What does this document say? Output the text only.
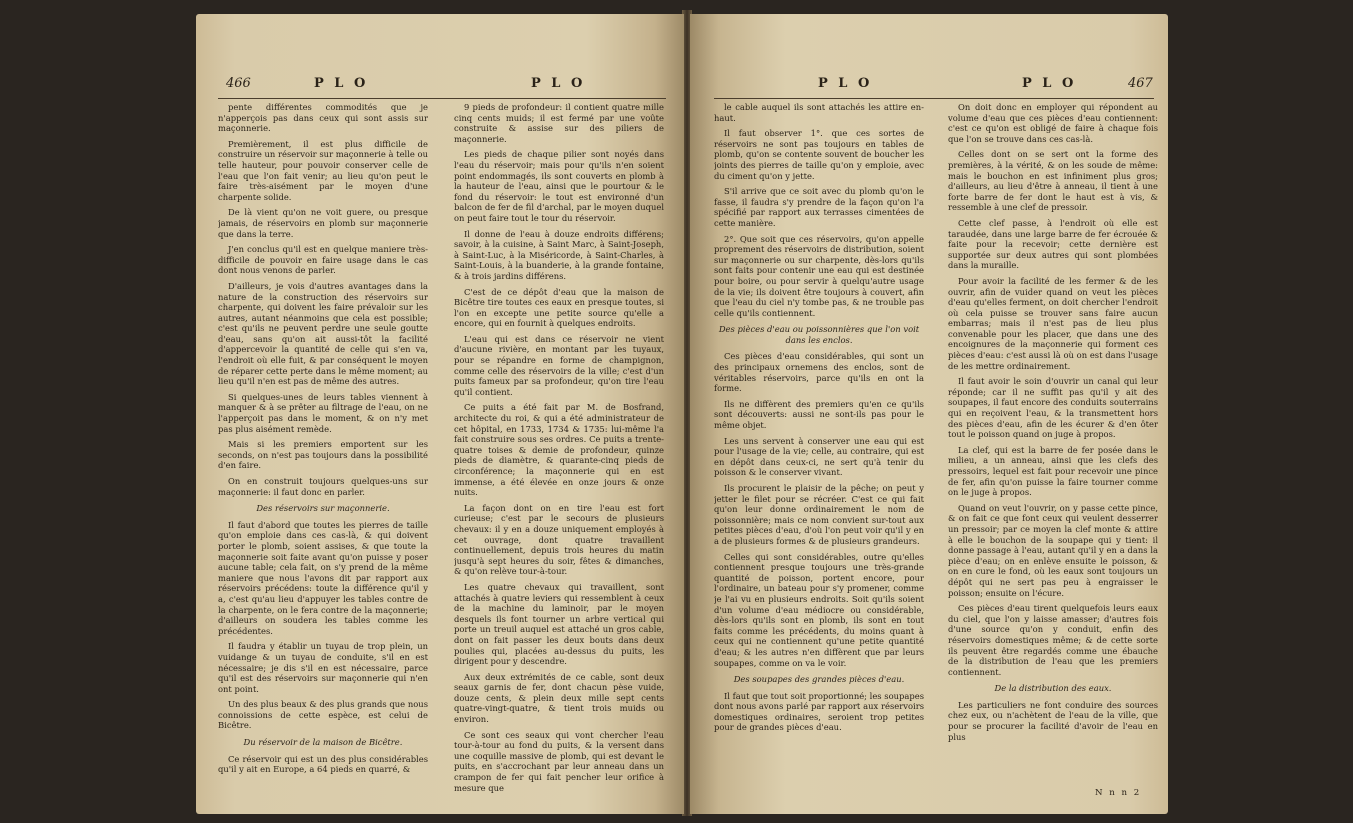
466	P L O	P L O

pente différentes commodités que je n'apperçois pas dans ceux qui sont assis sur maçonnerie.

Premièrement, il est plus difficile de construire un réservoir sur maçonnerie à telle ou telle hauteur, pour pouvoir conserver celle de l'eau que l'on fait venir; au lieu qu'on peut le faire très-aisément par le moyen d'une charpente solide.

De là vient qu'on ne voit guere, ou presque jamais, de réservoirs en plomb sur maçonnerie que dans la terre.

J'en conclus qu'il est en quelque maniere très-difficile de pouvoir en faire usage dans le cas dont nous venons de parler.

D'ailleurs, je vois d'autres avantages dans la nature de la construction des réservoirs sur charpente, qui doivent les faire prévaloir sur les autres, autant néanmoins que cela est possible; c'est qu'ils ne peuvent perdre une seule goutte d'eau, sans qu'on ait aussi-tôt la facilité d'appercevoir la quantité de celle qui s'en va, l'endroit où elle fuit, & par conséquent le moyen de réparer cette perte dans le même moment; au lieu qu'il n'en est pas de même des autres.

Si quelques-unes de leurs tables viennent à manquer & à se prêter au filtrage de l'eau, on ne l'apperçoit pas dans le moment, & on n'y met pas plus aisément remède.

Mais si les premiers emportent sur les seconds, on n'est pas toujours dans la possibilité d'en faire.

On en construit toujours quelques-uns sur maçonnerie: il faut donc en parler.

Des réservoirs sur maçonnerie.

Il faut d'abord que toutes les pierres de taille qu'on emploie dans ces cas-là, & qui doivent porter le plomb, soient assises, & que toute la maçonnerie soit faite avant qu'on puisse y poser aucune table; cela fait, on s'y prend de la même maniere que nous l'avons dit par rapport aux réservoirs précédens: toute la différence qu'il y a, c'est qu'au lieu d'appuyer les tables contre de la charpente, on le fera contre de la maçonnerie; d'ailleurs on soudera les tables comme les précédentes.

Il faudra y établir un tuyau de trop plein, un vuidange & un tuyau de conduite, s'il en est nécessaire; je dis s'il en est nécessaire, parce qu'il est des réservoirs sur maçonnerie qui n'en ont point.

Un des plus beaux & des plus grands que nous connoissions de cette espèce, est celui de Bicêtre.

Du réservoir de la maison de Bicêtre.

Ce réservoir qui est un des plus considérables qu'il y ait en Europe, a 64 pieds en quarré, &

9 pieds de profondeur: il contient quatre mille cinq cents muids; il est fermé par une voûte construite & assise sur des piliers de maçonnerie.

Les pieds de chaque pilier sont noyés dans l'eau du réservoir; mais pour qu'ils n'en soient point endommagés, ils sont couverts en plomb à la hauteur de l'eau, ainsi que le pourtour & le fond du réservoir: le tout est environné d'un balcon de fer de fil d'archal, par le moyen duquel on peut faire tout le tour du réservoir.

Il donne de l'eau à douze endroits différens; savoir, à la cuisine, à Saint Marc, à Saint-Joseph, à Saint-Luc, à la Miséricorde, à Saint-Charles, à Saint-Louis, à la buanderie, à la grande fontaine, & à trois jardins différens.

C'est de ce dépôt d'eau que la maison de Bicêtre tire toutes ces eaux en presque toutes, si l'on en excepte une petite source qu'elle a encore, qui en fournit à quelques endroits.

L'eau qui est dans ce réservoir ne vient d'aucune rivière, en montant par les tuyaux, pour se répandre en forme de champignon, comme celle des réservoirs de la ville; c'est d'un puits fameux par sa profondeur, qu'on tire l'eau qu'il contient.

Ce puits a été fait par M. de Bosfrand, architecte du roi, & qui a été administrateur de cet hôpital, en 1733, 1734 & 1735: lui-même l'a fait construire sous ses ordres. Ce puits a trente-quatre toises & demie de profondeur, quinze pieds de diamètre, & quarante-cinq pieds de circonférence; la maçonnerie qui en est immense, a été élevée en onze jours & onze nuits.

La façon dont on en tire l'eau est fort curieuse; c'est par le secours de plusieurs chevaux: il y en a douze uniquement employés à cet ouvrage, dont quatre travaillent continuellement, depuis trois heures du matin jusqu'à sept heures du soir, fêtes & dimanches, & qu'on relève tour-à-tour.

Les quatre chevaux qui travaillent, sont attachés à quatre leviers qui ressemblent à ceux de la machine du laminoir, par le moyen desquels ils font tourner un arbre vertical qui porte un treuil auquel est attaché un gros cable, dont on fait passer les deux bouts dans deux poulies qui, placées au-dessus du puits, les dirigent pour y descendre.

Aux deux extrémités de ce cable, sont deux seaux garnis de fer, dont chacun pèse vuide, douze cents, & plein deux mille sept cents quatre-vingt-quatre, & tient trois muids ou environ.

Ce sont ces seaux qui vont chercher l'eau tour-à-tour au fond du puits, & la versent dans une coquille massive de plomb, qui est devant le puits, en s'accrochant par leur anneau dans un crampon de fer qui fait pencher leur orifice à mesure que

P L O	P L O	467

le cable auquel ils sont attachés les attire en-haut.

Il faut observer 1°. que ces sortes de réservoirs ne sont pas toujours en tables de plomb, qu'on se contente souvent de boucher les joints des pierres de taille qu'on y emploie, avec du ciment qu'on y jette.

S'il arrive que ce soit avec du plomb qu'on le fasse, il faudra s'y prendre de la façon qu'on l'a spécifié par rapport aux terrasses cimentées de cette manière.

2°. Que soit que ces réservoirs, qu'on appelle proprement des réservoirs de distribution, soient sur maçonnerie ou sur charpente, dès-lors qu'ils sont faits pour contenir une eau qui est destinée pour boire, ou pour servir à quelqu'autre usage de la vie; ils doivent être toujours à couvert, afin que l'eau du ciel n'y tombe pas, & ne trouble pas celle qu'ils contiennent.

Des pièces d'eau ou poissonnières que l'on voit dans les enclos.

Ces pièces d'eau considérables, qui sont un des principaux ornemens des enclos, sont de véritables réservoirs, parce qu'ils en ont la forme.

Ils ne diffèrent des premiers qu'en ce qu'ils sont découverts: aussi ne sont-ils pas pour le même objet.

Les uns servent à conserver une eau qui est pour l'usage de la vie; celle, au contraire, qui est en dépôt dans ceux-ci, ne sert qu'à tenir du poisson & le conserver vivant.

Ils procurent le plaisir de la pêche; on peut y jetter le filet pour se récréer. C'est ce qui fait qu'on leur donne ordinairement le nom de poissonnière; mais ce nom convient sur-tout aux petites pièces d'eau, d'où l'on peut voir qu'il y en a de plusieurs formes & de plusieurs grandeurs.

Celles qui sont considérables, outre qu'elles contiennent presque toujours une très-grande quantité de poisson, portent encore, pour l'ordinaire, un bateau pour s'y promener, comme je l'ai vu en plusieurs endroits. Soit qu'ils soient d'un volume d'eau médiocre ou considérable, dès-lors qu'ils sont en plomb, ils sont en tout faits comme les précédents, du moins quant à ceux qui ne contiennent qu'une petite quantité d'eau; & les autres n'en diffèrent que par leurs soupapes, comme on va le voir.

Des soupapes des grandes pièces d'eau.

Il faut que tout soit proportionné; les soupapes dont nous avons parlé par rapport aux réservoirs domestiques ordinaires, seroient trop petites pour de grandes pièces d'eau.

On doit donc en employer qui répondent au volume d'eau que ces pièces d'eau contiennent: c'est ce qu'on est obligé de faire à chaque fois que l'on se trouve dans ces cas-là.

Celles dont on se sert ont la forme des premières, à la vérité, & on les soude de même: mais le bouchon en est infiniment plus gros; d'ailleurs, au lieu d'être à anneau, il tient à une forte barre de fer dont le haut est à vis, & ressemble à une clef de pressoir.

Cette clef passe, à l'endroit où elle est taraudée, dans une large barre de fer écrouée & faite pour la recevoir; cette dernière est supportée sur deux autres qui sont plombées dans la muraille.

Pour avoir la facilité de les fermer & de les ouvrir, afin de vuider quand on veut les pièces d'eau qu'elles ferment, on doit chercher l'endroit où cela puisse se trouver sans faire aucun embarras; mais il n'est pas de lieu plus convenable pour les placer, que dans une des encoignures de la maçonnerie qui forment ces pièces d'eau: c'est aussi là où on est dans l'usage de les mettre ordinairement.

Il faut avoir le soin d'ouvrir un canal qui leur réponde; car il ne suffit pas qu'il y ait des soupapes, il faut encore des conduits souterrains qui en reçoivent l'eau, & la transmettent hors des pièces d'eau, afin de les écurer & d'en ôter tout le poisson quand on juge à propos.

La clef, qui est la barre de fer posée dans le milieu, a un anneau, ainsi que les clefs des pressoirs, lequel est fait pour recevoir une pince de fer, afin qu'on puisse la faire tourner comme on le juge à propos.

Quand on veut l'ouvrir, on y passe cette pince, & on fait ce que font ceux qui veulent desserrer un pressoir; par ce moyen la clef monte & attire à elle le bouchon de la soupape qui y tient: il donne passage à l'eau, autant qu'il y en a dans la pièce d'eau; on en enlève ensuite le poisson, & on en cure le fond, où les eaux sont toujours un dépôt qui ne sert pas peu à engraisser le poisson; ensuite on l'écure.

Ces pièces d'eau tirent quelquefois leurs eaux du ciel, que l'on y laisse amasser; d'autres fois d'une source qu'on y conduit, enfin des réservoirs domestiques même; & de cette sorte ils peuvent être regardés comme une ébauche de la distribution de l'eau que les premiers contiennent.

De la distribution des eaux.

Les particuliers ne font conduire des sources chez eux, ou n'achètent de l'eau de la ville, que pour se procurer la facilité d'avoir de l'eau en plus

N n n 2
